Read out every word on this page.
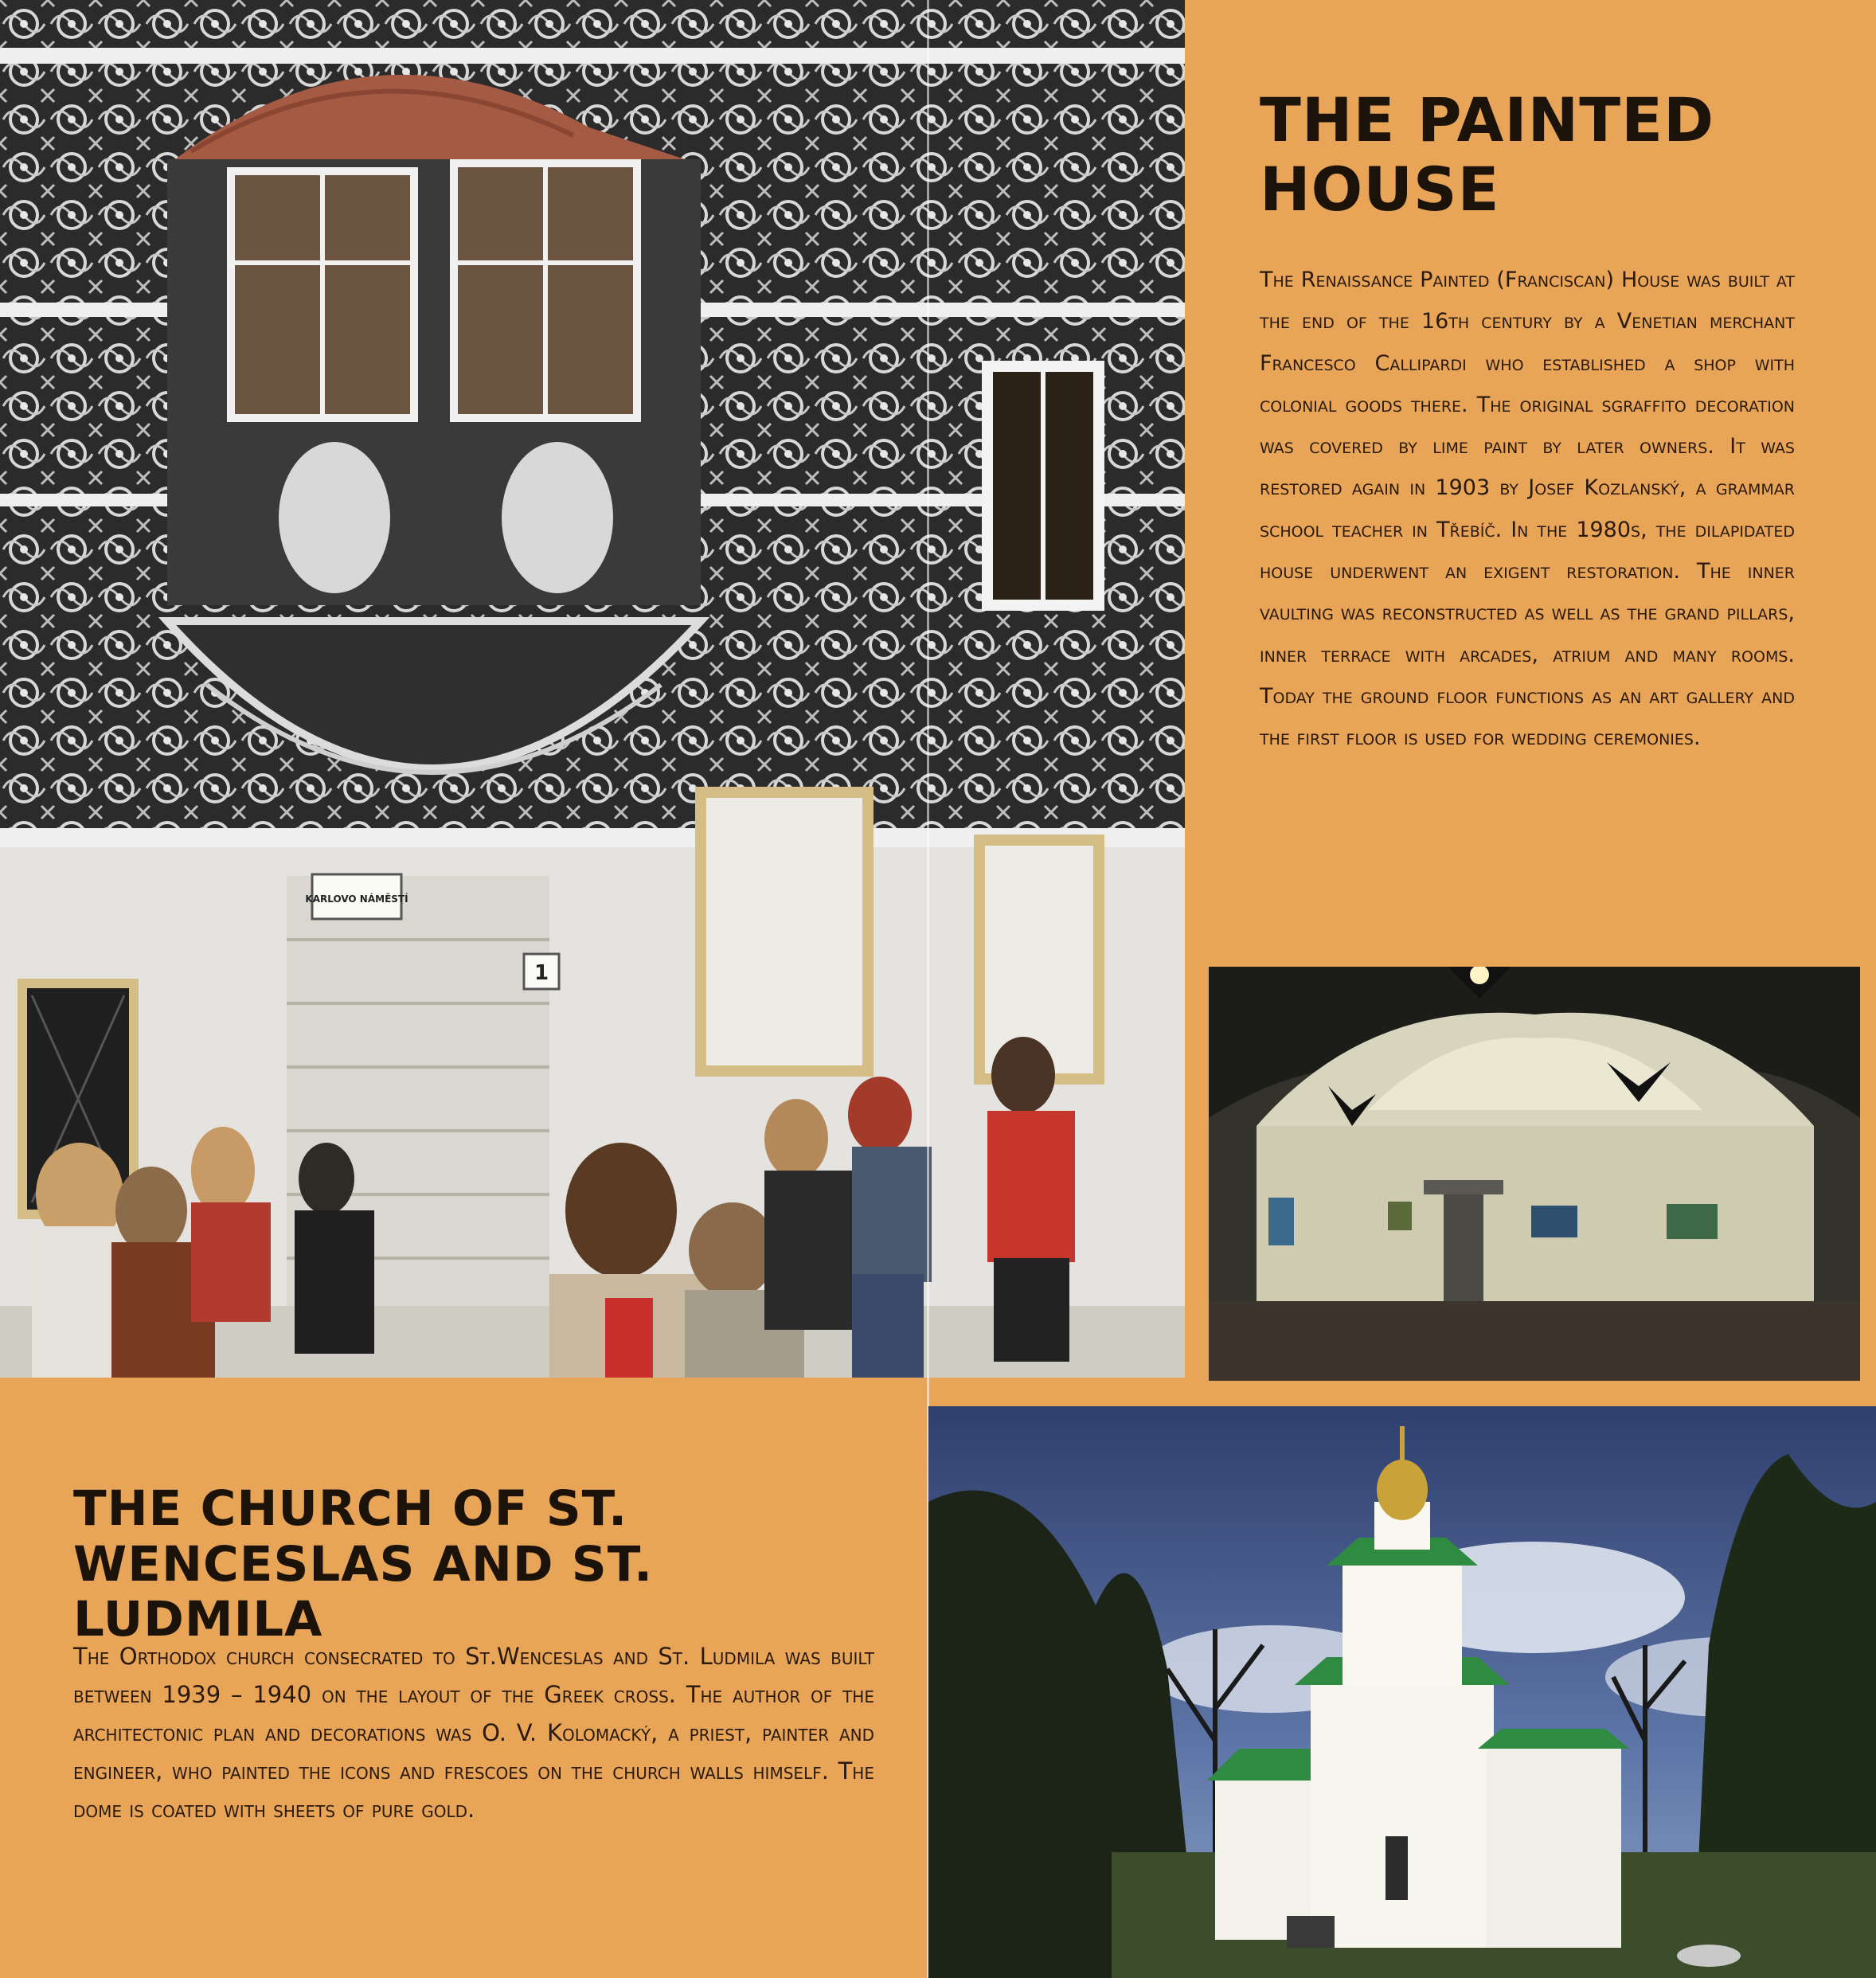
KARLOVO NÁMĚSTÍ
1
THE PAINTED HOUSE

The Renaissance Painted (Franciscan) House was built at the end of the 16th century by a Venetian merchant Francesco Callipardi who established a shop with colonial goods there. The original sgraffito decoration was covered by lime paint by later owners. It was restored again in 1903 by Josef Kozlanský, a grammar school teacher in Třebíč. In the 1980s, the dilapidated house underwent an exigent restoration. The inner vaulting was reconstructed as well as the grand pillars, inner terrace with arcades, atrium and many rooms. Today the ground floor functions as an art gallery and the first floor is used for wedding ceremonies.

THE CHURCH OF ST. WENCESLAS AND ST. LUDMILA

The Orthodox church consecrated to St.Wenceslas and St. Ludmila was built between 1939 – 1940 on the layout of the Greek cross. The author of the architectonic plan and decorations was O. V. Kolomacký, a priest, painter and engineer, who painted the icons and frescoes on the church walls himself. The dome is coated with sheets of pure gold.
